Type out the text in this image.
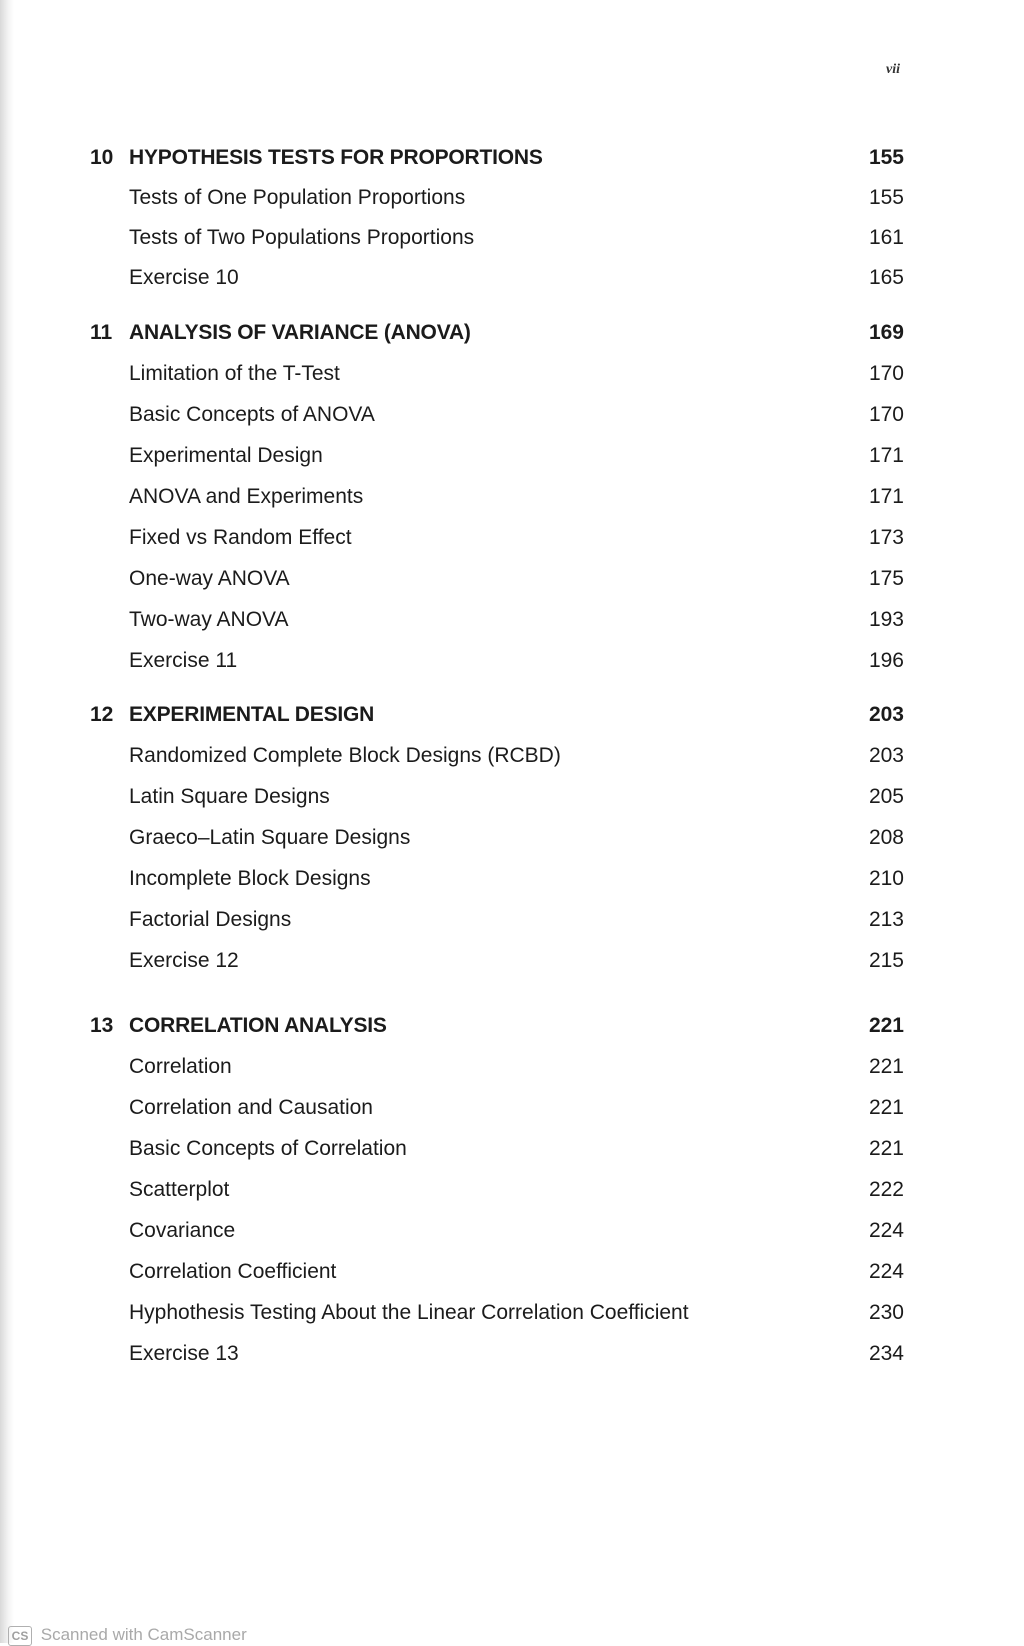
vii
10 HYPOTHESIS TESTS FOR PROPORTIONS	155
Tests of One Population Proportions	155
Tests of Two Populations Proportions	161
Exercise 10	165
11 ANALYSIS OF VARIANCE (ANOVA)	169
Limitation of the T-Test	170
Basic Concepts of ANOVA	170
Experimental Design	171
ANOVA and Experiments	171
Fixed vs Random Effect	173
One-way ANOVA	175
Two-way ANOVA	193
Exercise 11	196
12 EXPERIMENTAL DESIGN	203
Randomized Complete Block Designs (RCBD)	203
Latin Square Designs	205
Graeco–Latin Square Designs	208
Incomplete Block Designs	210
Factorial Designs	213
Exercise 12	215
13 CORRELATION ANALYSIS	221
Correlation	221
Correlation and Causation	221
Basic Concepts of Correlation	221
Scatterplot	222
Covariance	224
Correlation Coefficient	224
Hyphothesis Testing About the Linear Correlation Coefficient	230
Exercise 13	234
CS Scanned with CamScanner
